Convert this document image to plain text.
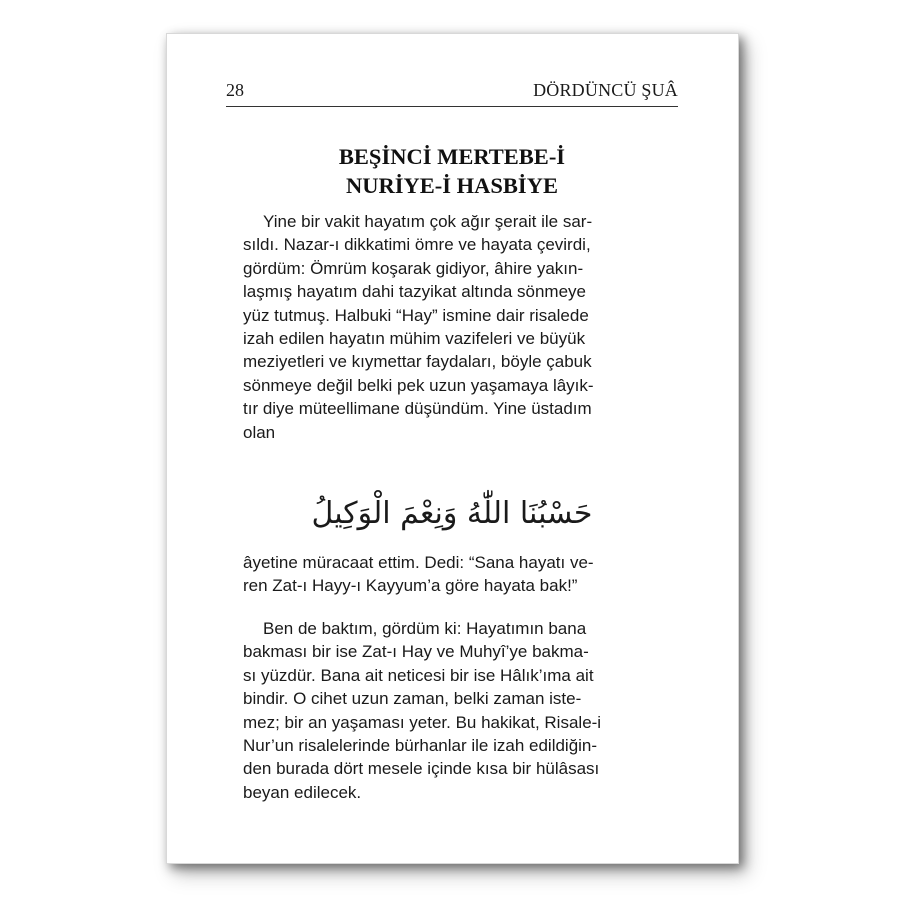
28	DÖRDÜNCÜ ŞUÂ
BEŞİNCİ MERTEBE-İ
NURİYE-İ HASBİYE
Yine bir vakit hayatım çok ağır şerait ile sar-
sıldı. Nazar-ı dikkatimi ömre ve hayata çevirdi,
gördüm: Ömrüm koşarak gidiyor, âhire yakın-
laşmış hayatım dahi tazyikat altında sönmeye
yüz tutmuş. Halbuki “Hay” ismine dair risalede
izah edilen hayatın mühim vazifeleri ve büyük
meziyetleri ve kıymettar faydaları, böyle çabuk
sönmeye değil belki pek uzun yaşamaya lâyık-
tır diye müteellimane düşündüm. Yine üstadım
olan
حَسْبُنَا اللّٰهُ وَنِعْمَ الْوَكِيلُ
âyetine müracaat ettim. Dedi: “Sana hayatı ve-
ren Zat-ı Hayy-ı Kayyum’a göre hayata bak!”
Ben de baktım, gördüm ki: Hayatımın bana
bakması bir ise Zat-ı Hay ve Muhyî’ye bakma-
sı yüzdür. Bana ait neticesi bir ise Hâlık’ıma ait
bindir. O cihet uzun zaman, belki zaman iste-
mez; bir an yaşaması yeter. Bu hakikat, Risale-i
Nur’un risalelerinde bürhanlar ile izah edildiğin-
den burada dört mesele içinde kısa bir hülâsası
beyan edilecek.
